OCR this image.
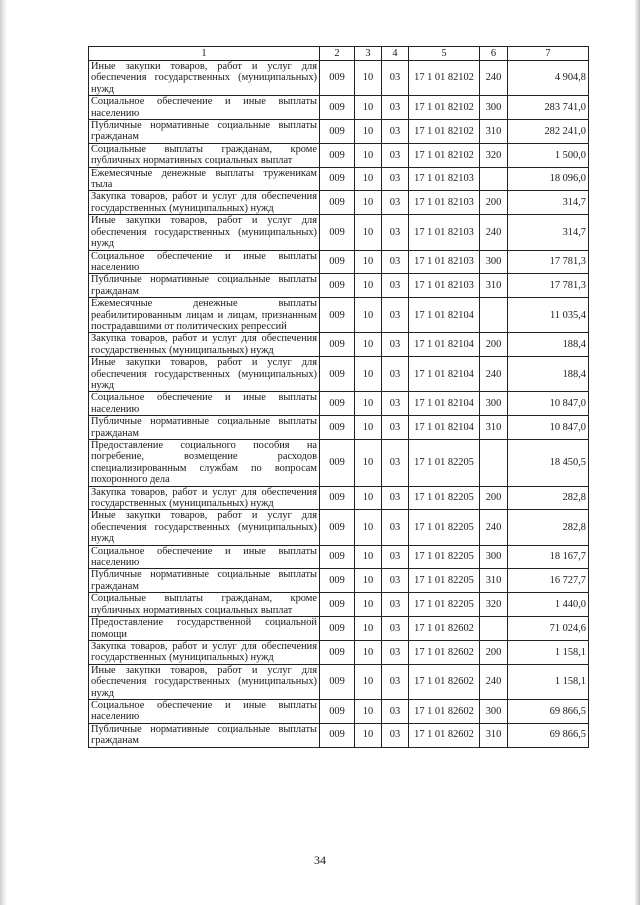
1	2	3	4	5	6	7
Иные закупки товаров, работ и услуг для обеспечения государственных (муниципальных) нужд	009	10	03	17 1 01 82102	240	4 904,8
Социальное обеспечение и иные выплаты населению	009	10	03	17 1 01 82102	300	283 741,0
Публичные нормативные социальные выплаты гражданам	009	10	03	17 1 01 82102	310	282 241,0
Социальные выплаты гражданам, кроме публичных нормативных социальных выплат	009	10	03	17 1 01 82102	320	1 500,0
Ежемесячные денежные выплаты труженикам тыла	009	10	03	17 1 01 82103		18 096,0
Закупка товаров, работ и услуг для обеспечения государственных (муниципальных) нужд	009	10	03	17 1 01 82103	200	314,7
Иные закупки товаров, работ и услуг для обеспечения государственных (муниципальных) нужд	009	10	03	17 1 01 82103	240	314,7
Социальное обеспечение и иные выплаты населению	009	10	03	17 1 01 82103	300	17 781,3
Публичные нормативные социальные выплаты гражданам	009	10	03	17 1 01 82103	310	17 781,3
Ежемесячные денежные выплаты реабилитированным лицам и лицам, признанным пострадавшими от политических репрессий	009	10	03	17 1 01 82104		11 035,4
Закупка товаров, работ и услуг для обеспечения государственных (муниципальных) нужд	009	10	03	17 1 01 82104	200	188,4
Иные закупки товаров, работ и услуг для обеспечения государственных (муниципальных) нужд	009	10	03	17 1 01 82104	240	188,4
Социальное обеспечение и иные выплаты населению	009	10	03	17 1 01 82104	300	10 847,0
Публичные нормативные социальные выплаты гражданам	009	10	03	17 1 01 82104	310	10 847,0
Предоставление социального пособия на погребение, возмещение расходов специализированным службам по вопросам похоронного дела	009	10	03	17 1 01 82205		18 450,5
Закупка товаров, работ и услуг для обеспечения государственных (муниципальных) нужд	009	10	03	17 1 01 82205	200	282,8
Иные закупки товаров, работ и услуг для обеспечения государственных (муниципальных) нужд	009	10	03	17 1 01 82205	240	282,8
Социальное обеспечение и иные выплаты населению	009	10	03	17 1 01 82205	300	18 167,7
Публичные нормативные социальные выплаты гражданам	009	10	03	17 1 01 82205	310	16 727,7
Социальные выплаты гражданам, кроме публичных нормативных социальных выплат	009	10	03	17 1 01 82205	320	1 440,0
Предоставление государственной социальной помощи	009	10	03	17 1 01 82602		71 024,6
Закупка товаров, работ и услуг для обеспечения государственных (муниципальных) нужд	009	10	03	17 1 01 82602	200	1 158,1
Иные закупки товаров, работ и услуг для обеспечения государственных (муниципальных) нужд	009	10	03	17 1 01 82602	240	1 158,1
Социальное обеспечение и иные выплаты населению	009	10	03	17 1 01 82602	300	69 866,5
Публичные нормативные социальные выплаты гражданам	009	10	03	17 1 01 82602	310	69 866,5
34
